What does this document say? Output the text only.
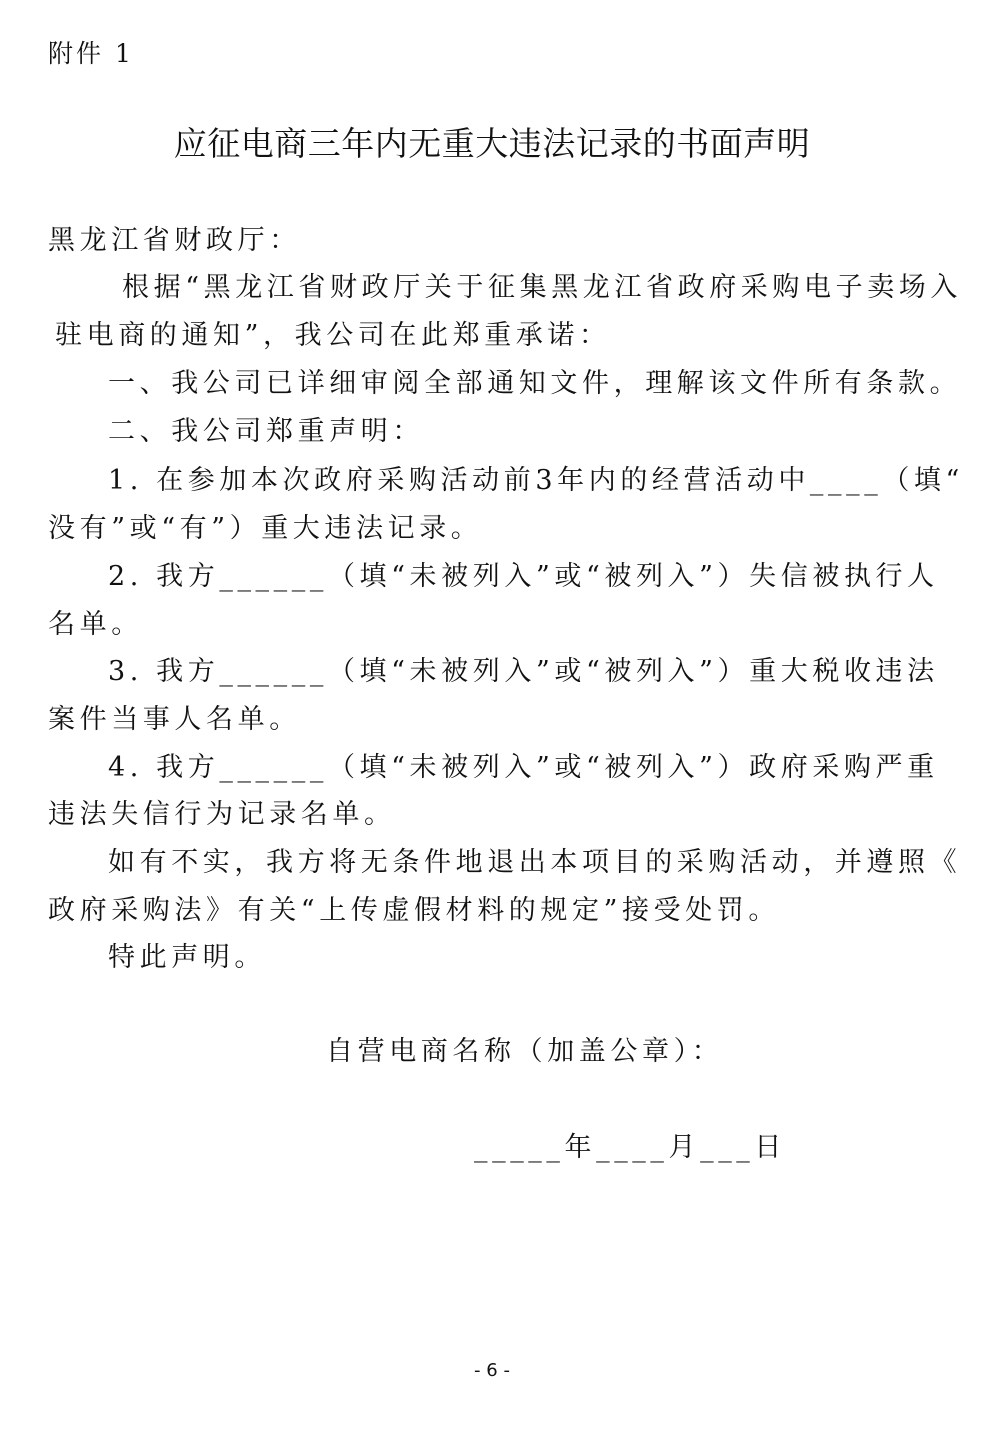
附件 1
应征电商三年内无重大违法记录的书面声明
黑龙江省财政厅：
根据“黑龙江省财政厅关于征集黑龙江省政府采购电子卖场入
驻电商的通知”，我公司在此郑重承诺：
一、我公司已详细审阅全部通知文件，理解该文件所有条款。
二、我公司郑重声明：
1. 在参加本次政府采购活动前3年内的经营活动中____（填“
没有”或“有”）重大违法记录。
2. 我方______（填“未被列入”或“被列入”）失信被执行人
名单。
3. 我方______（填“未被列入”或“被列入”）重大税收违法
案件当事人名单。
4. 我方______（填“未被列入”或“被列入”）政府采购严重
违法失信行为记录名单。
如有不实，我方将无条件地退出本项目的采购活动，并遵照《
政府采购法》有关“上传虚假材料的规定”接受处罚。
特此声明。
自营电商名称（加盖公章）：
_____年____月___日
- 6 -
